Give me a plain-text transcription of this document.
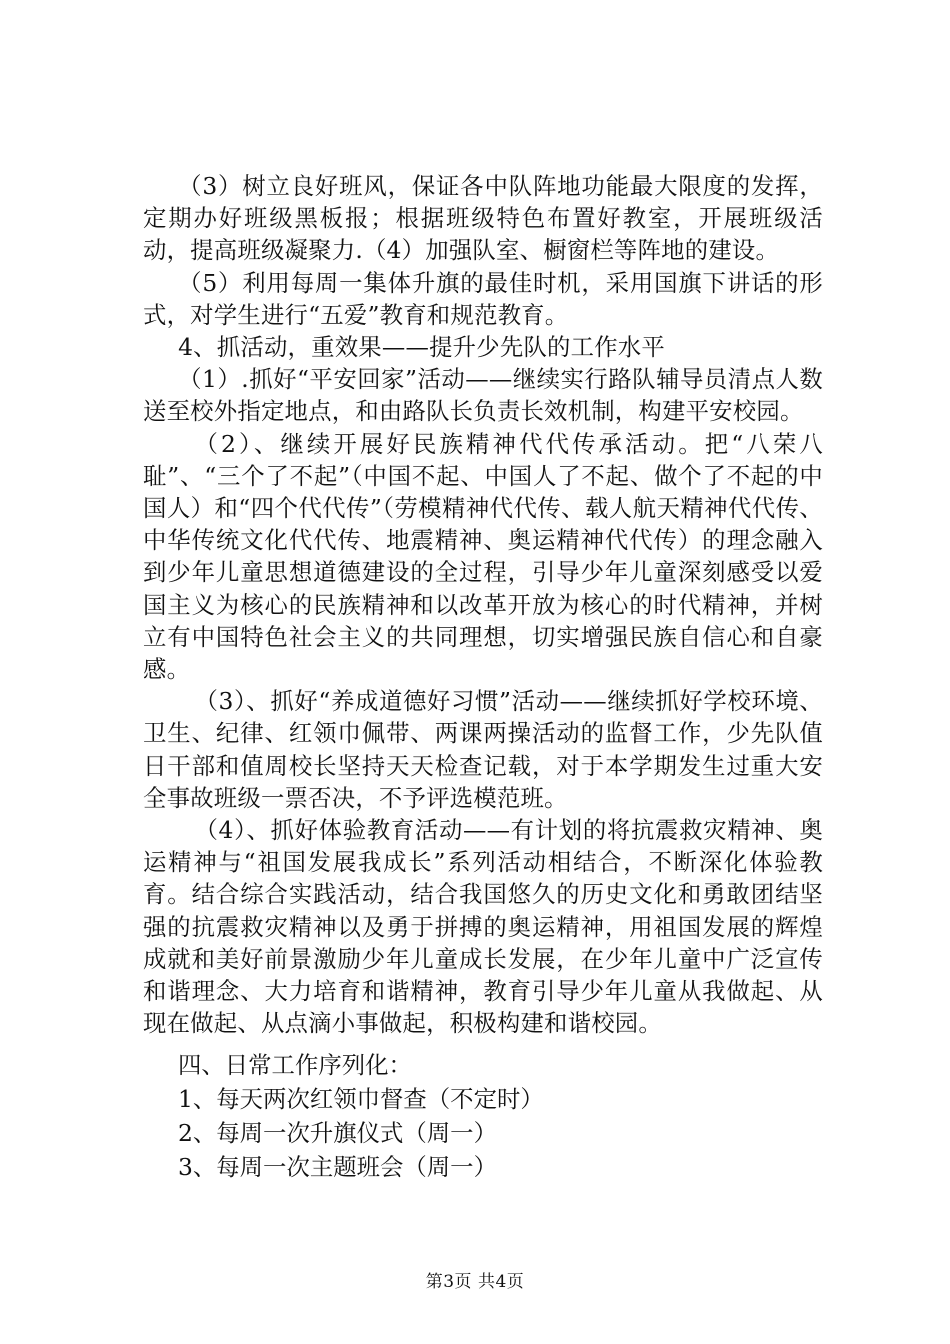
（3）树立良好班风，保证各中队阵地功能最大限度的发挥，定期办好班级黑板报；根据班级特色布置好教室，开展班级活动，提高班级凝聚力.（4）加强队室、橱窗栏等阵地的建设。

（5）利用每周一集体升旗的最佳时机，采用国旗下讲话的形式，对学生进行“五爱”教育和规范教育。

4、抓活动，重效果——提升少先队的工作水平

（1）.抓好“平安回家”活动——继续实行路队辅导员清点人数送至校外指定地点，和由路队长负责长效机制，构建平安校园。

（2）、继续开展好民族精神代代传承活动。把“八荣八耻”、“三个了不起”（中国不起、中国人了不起、做个了不起的中国人）和“四个代代传”（劳模精神代代传、载人航天精神代代传、中华传统文化代代传、地震精神、奥运精神代代传）的理念融入到少年儿童思想道德建设的全过程，引导少年儿童深刻感受以爱国主义为核心的民族精神和以改革开放为核心的时代精神，并树立有中国特色社会主义的共同理想，切实增强民族自信心和自豪感。

（3）、抓好“养成道德好习惯”活动——继续抓好学校环境、卫生、纪律、红领巾佩带、两课两操活动的监督工作，少先队值日干部和值周校长坚持天天检查记载，对于本学期发生过重大安全事故班级一票否决，不予评选模范班。

（4）、抓好体验教育活动——有计划的将抗震救灾精神、奥运精神与“祖国发展我成长”系列活动相结合，不断深化体验教育。结合综合实践活动，结合我国悠久的历史文化和勇敢团结坚强的抗震救灾精神以及勇于拼搏的奥运精神，用祖国发展的辉煌成就和美好前景激励少年儿童成长发展，在少年儿童中广泛宣传和谐理念、大力培育和谐精神，教育引导少年儿童从我做起、从现在做起、从点滴小事做起，积极构建和谐校园。

四、日常工作序列化：

1、每天两次红领巾督查（不定时）

2、每周一次升旗仪式（周一）

3、每周一次主题班会（周一）

第3页 共4页
